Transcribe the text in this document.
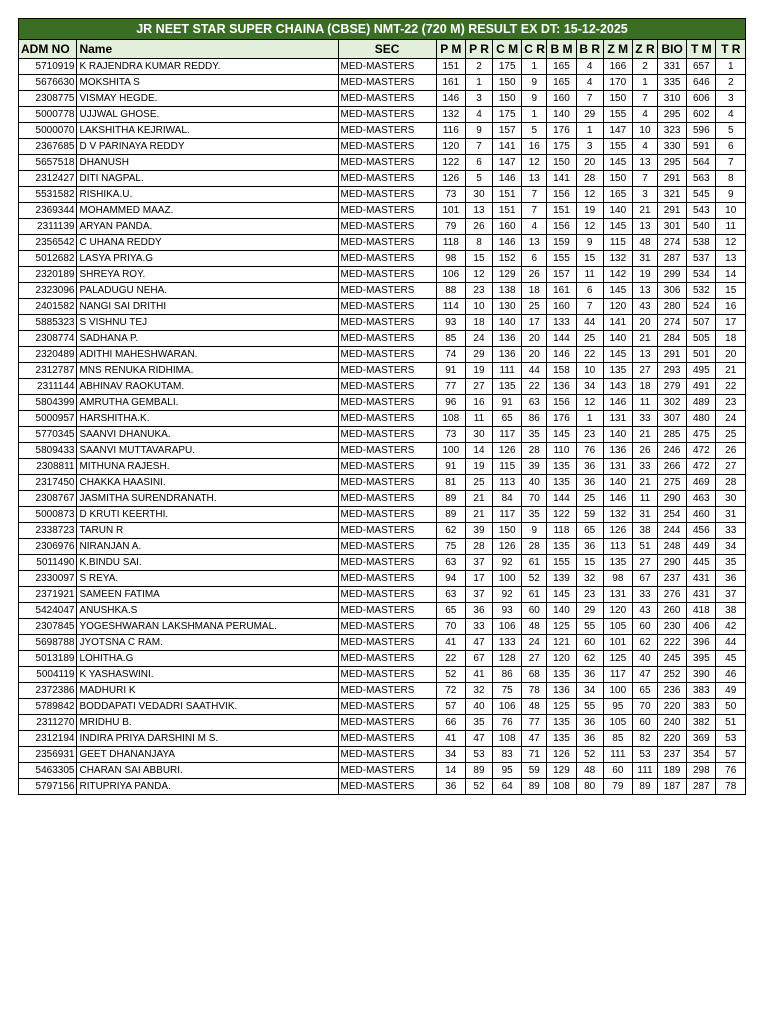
JR NEET STAR SUPER CHAINA (CBSE) NMT-22 (720 M) RESULT EX DT: 15-12-2025													
ADM NO	Name	SEC	P M	P R	C M	C R	B M	B R	Z M	Z R	BIO	T M	T R
5710919	K RAJENDRA KUMAR REDDY.	MED-MASTERS	151	2	175	1	165	4	166	2	331	657	1
5676630	MOKSHITA S	MED-MASTERS	161	1	150	9	165	4	170	1	335	646	2
2308775	VISMAY HEGDE.	MED-MASTERS	146	3	150	9	160	7	150	7	310	606	3
5000778	UJJWAL GHOSE.	MED-MASTERS	132	4	175	1	140	29	155	4	295	602	4
5000070	LAKSHITHA KEJRIWAL.	MED-MASTERS	116	9	157	5	176	1	147	10	323	596	5
2367685	D V PARINAYA REDDY	MED-MASTERS	120	7	141	16	175	3	155	4	330	591	6
5657518	DHANUSH	MED-MASTERS	122	6	147	12	150	20	145	13	295	564	7
2312427	DITI NAGPAL.	MED-MASTERS	126	5	146	13	141	28	150	7	291	563	8
5531582	RISHIKA.U.	MED-MASTERS	73	30	151	7	156	12	165	3	321	545	9
2369344	MOHAMMED MAAZ.	MED-MASTERS	101	13	151	7	151	19	140	21	291	543	10
2311139	ARYAN PANDA.	MED-MASTERS	79	26	160	4	156	12	145	13	301	540	11
2356542	C UHANA REDDY	MED-MASTERS	118	8	146	13	159	9	115	48	274	538	12
5012682	LASYA PRIYA.G	MED-MASTERS	98	15	152	6	155	15	132	31	287	537	13
2320189	SHREYA ROY.	MED-MASTERS	106	12	129	26	157	11	142	19	299	534	14
2323096	PALADUGU NEHA.	MED-MASTERS	88	23	138	18	161	6	145	13	306	532	15
2401582	NANGI SAI DRITHI	MED-MASTERS	114	10	130	25	160	7	120	43	280	524	16
5885323	S VISHNU TEJ	MED-MASTERS	93	18	140	17	133	44	141	20	274	507	17
2308774	SADHANA P.	MED-MASTERS	85	24	136	20	144	25	140	21	284	505	18
2320489	ADITHI MAHESHWARAN.	MED-MASTERS	74	29	136	20	146	22	145	13	291	501	20
2312787	MNS RENUKA RIDHIMA.	MED-MASTERS	91	19	111	44	158	10	135	27	293	495	21
2311144	ABHINAV RAOKUTAM.	MED-MASTERS	77	27	135	22	136	34	143	18	279	491	22
5804399	AMRUTHA GEMBALI.	MED-MASTERS	96	16	91	63	156	12	146	11	302	489	23
5000957	HARSHITHA.K.	MED-MASTERS	108	11	65	86	176	1	131	33	307	480	24
5770345	SAANVI DHANUKA.	MED-MASTERS	73	30	117	35	145	23	140	21	285	475	25
5809433	SAANVI MUTTAVARAPU.	MED-MASTERS	100	14	126	28	110	76	136	26	246	472	26
2308811	MITHUNA RAJESH.	MED-MASTERS	91	19	115	39	135	36	131	33	266	472	27
2317450	CHAKKA HAASINI.	MED-MASTERS	81	25	113	40	135	36	140	21	275	469	28
2308767	JASMITHA SURENDRANATH.	MED-MASTERS	89	21	84	70	144	25	146	11	290	463	30
5000873	D KRUTI KEERTHI.	MED-MASTERS	89	21	117	35	122	59	132	31	254	460	31
2338723	TARUN R	MED-MASTERS	62	39	150	9	118	65	126	38	244	456	33
2306976	NIRANJAN A.	MED-MASTERS	75	28	126	28	135	36	113	51	248	449	34
5011490	K.BINDU SAI.	MED-MASTERS	63	37	92	61	155	15	135	27	290	445	35
2330097	S REYA.	MED-MASTERS	94	17	100	52	139	32	98	67	237	431	36
2371921	SAMEEN FATIMA	MED-MASTERS	63	37	92	61	145	23	131	33	276	431	37
5424047	ANUSHKA.S	MED-MASTERS	65	36	93	60	140	29	120	43	260	418	38
2307845	YOGESHWARAN LAKSHMANA PERUMAL.	MED-MASTERS	70	33	106	48	125	55	105	60	230	406	42
5698788	JYOTSNA C RAM.	MED-MASTERS	41	47	133	24	121	60	101	62	222	396	44
5013189	LOHITHA.G	MED-MASTERS	22	67	128	27	120	62	125	40	245	395	45
5004119	K YASHASWINI.	MED-MASTERS	52	41	86	68	135	36	117	47	252	390	46
2372386	MADHURI K	MED-MASTERS	72	32	75	78	136	34	100	65	236	383	49
5789842	BODDAPATI VEDADRI SAATHVIK.	MED-MASTERS	57	40	106	48	125	55	95	70	220	383	50
2311270	MRIDHU B.	MED-MASTERS	66	35	76	77	135	36	105	60	240	382	51
2312194	INDIRA PRIYA DARSHINI M S.	MED-MASTERS	41	47	108	47	135	36	85	82	220	369	53
2356931	GEET DHANANJAYA	MED-MASTERS	34	53	83	71	126	52	111	53	237	354	57
5463305	CHARAN SAI ABBURI.	MED-MASTERS	14	89	95	59	129	48	60	111	189	298	76
5797156	RITUPRIYA PANDA.	MED-MASTERS	36	52	64	89	108	80	79	89	187	287	78
